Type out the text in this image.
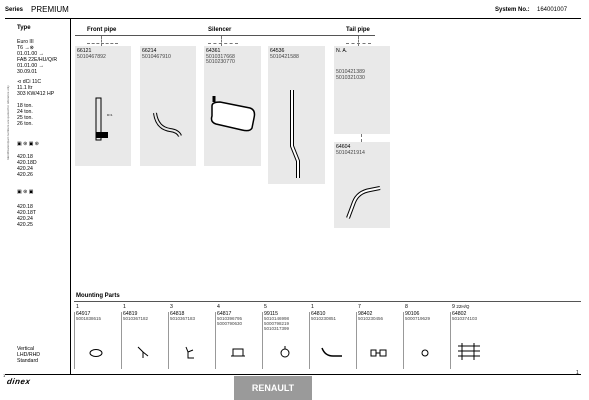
Series PREMIUM	System No.: 164001007
Type
Identification/part numbers are quoted for reference only
Euro III
T6 →⊗
01.01.00 →
FAB 22E/HU/Q/R
01.01.00 →
30.09.01
⊲ dCi 11C
11.1 ltr
303 KW/412 HP
18 ton.
24 ton.
25 ton.
26 ton.
▣ ⊛ ▣ ⊛
420.18
420.18D
420.24
420.26
▣ ⊛ ▣
420.18
420.18T
420.24
420.25
Vertical
LHD/RHD
Standard
Front pipe	Silencer	Tail pipe
66121
5010467892
D=1
66214
5010467910
64361
5010317668
5010230770
64536
5010421588
N. A.
5010421389
5010321030
64604
5010421914
Mounting Parts
1
64917
5001838615
1
64819
5010367182
3
64818
5010367183
4
64817
5010396795
5000790630
5
99115
5010146998
5000798219
5010317399
1
64810
5010230851
7
98402
5010230456
8
90106
5000719629
9 22H/Q
64802
5010374103
dinex
1
RENAULT
1
